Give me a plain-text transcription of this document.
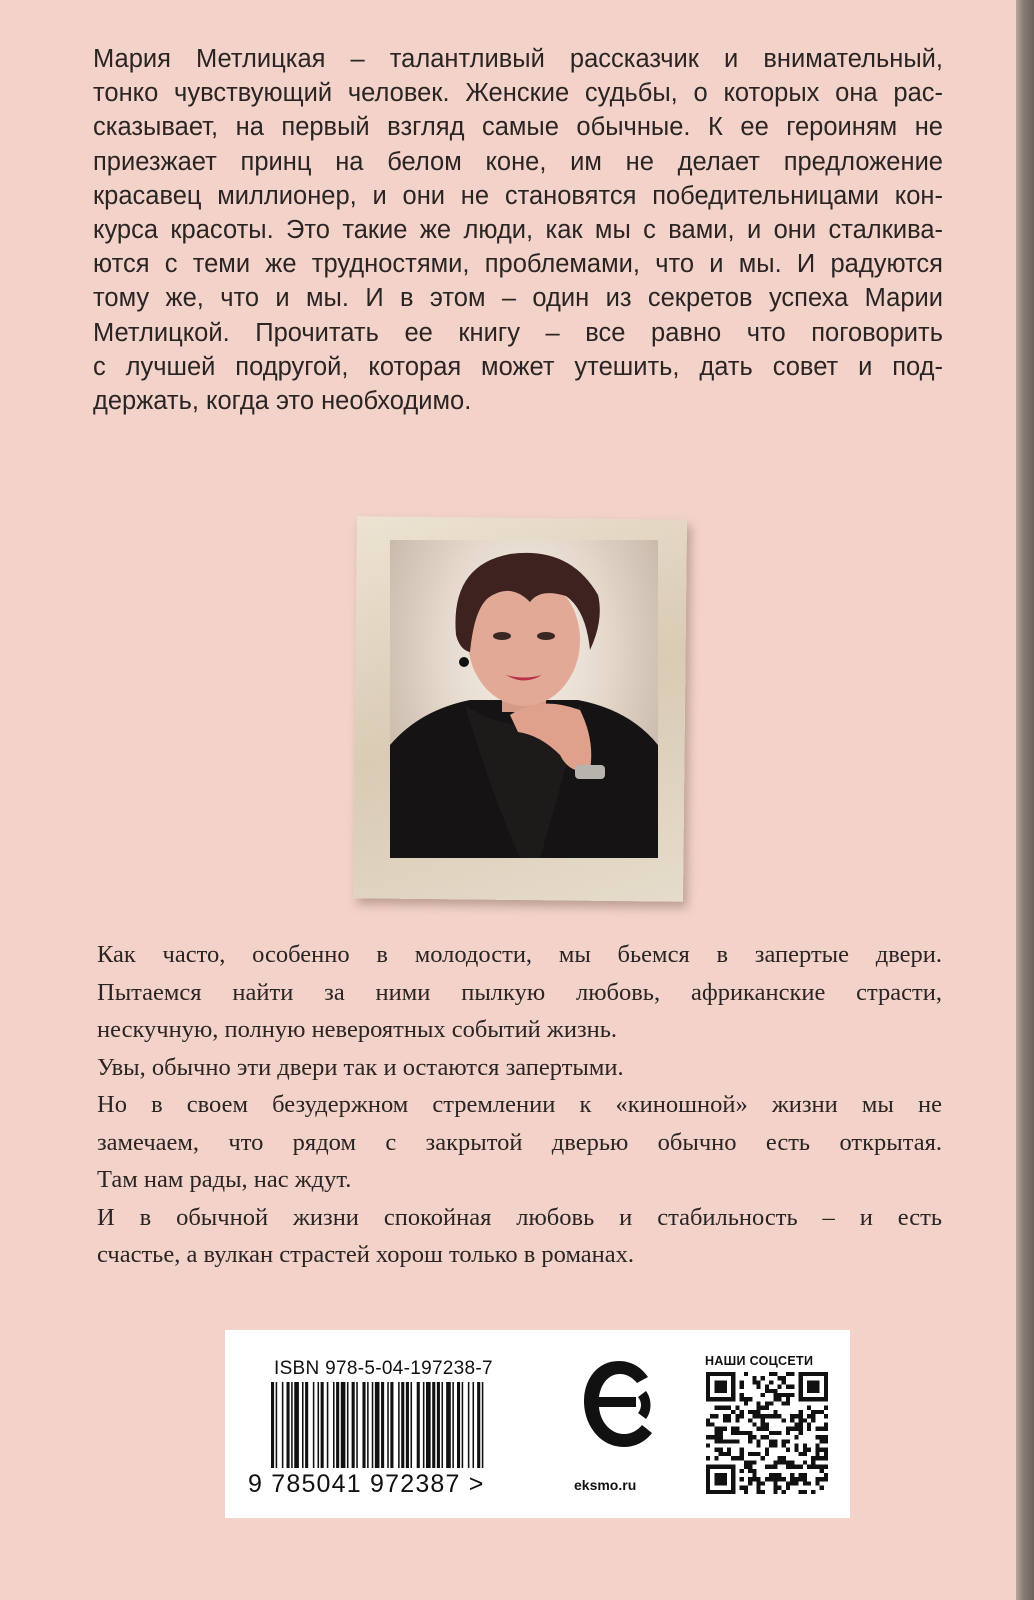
Мария Метлицкая – талантливый рассказчик и внимательный,
тонко чувствующий человек. Женские судьбы, о которых она рас-
сказывает, на первый взгляд самые обычные. К ее героиням не
приезжает принц на белом коне, им не делает предложение
красавец миллионер, и они не становятся победительницами кон-
курса красоты. Это такие же люди, как мы с вами, и они сталкива-
ются с теми же трудностями, проблемами, что и мы. И радуются
тому же, что и мы. И в этом – один из секретов успеха Марии
Метлицкой. Прочитать ее книгу – все равно что поговорить
с лучшей подругой, которая может утешить, дать совет и под-
держать, когда это необходимо.
Как часто, особенно в молодости, мы бьемся в запертые двери.
Пытаемся найти за ними пылкую любовь, африканские страсти,
нескучную, полную невероятных событий жизнь.
Увы, обычно эти двери так и остаются запертыми.
Но в своем безудержном стремлении к «киношной» жизни мы не
замечаем, что рядом с закрытой дверью обычно есть открытая.
Там нам рады, нас ждут.
И в обычной жизни спокойная любовь и стабильность – и есть
счастье, а вулкан страстей хорош только в романах.
ISBN 978-5-04-197238-7
9 785041 972387 >	eksmo.ru
НАШИ СОЦСЕТИ
